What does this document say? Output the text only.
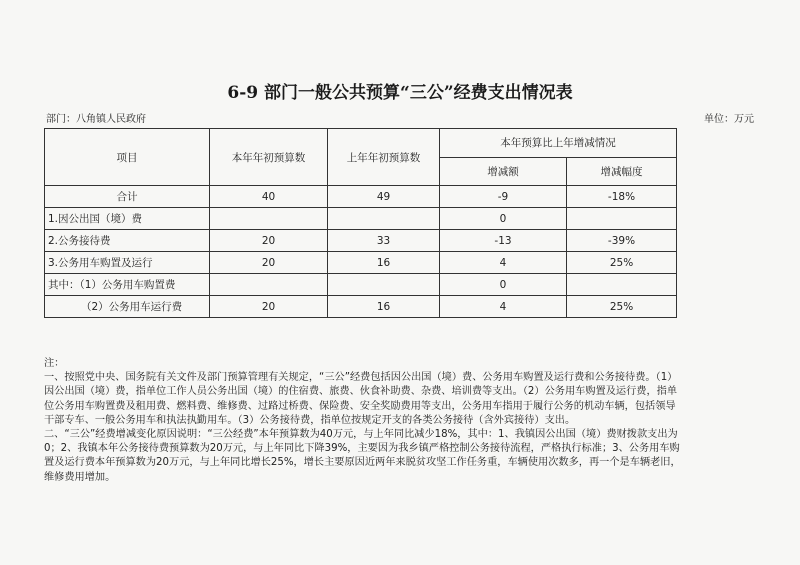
6-9 部门一般公共预算“三公”经费支出情况表
部门：八角镇人民政府	单位：万元
项目	本年年初预算数	上年年初预算数	本年预算比上年增减情况	
			增减额	增减幅度
合计	40	49	-9	-18%
1.因公出国（境）费			0	
2.公务接待费	20	33	-13	-39%
3.公务用车购置及运行	20	16	4	25%
其中：（1）公务用车购置费			0	
（2）公务用车运行费	20	16	4	25%

注：

一、按照党中央、国务院有关文件及部门预算管理有关规定，“三公”经费包括因公出国（境）费、公务用车购置及运行费和公务接待费。（1）因公出国（境）费，指单位工作人员公务出国（境）的住宿费、旅费、伙食补助费、杂费、培训费等支出。（2）公务用车购置及运行费，指单位公务用车购置费及租用费、燃料费、维修费、过路过桥费、保险费、安全奖励费用等支出，公务用车指用于履行公务的机动车辆，包括领导干部专车、一般公务用车和执法执勤用车。（3）公务接待费，指单位按规定开支的各类公务接待（含外宾接待）支出。

二、“三公”经费增减变化原因说明：“三公经费”本年预算数为40万元，与上年同比减少18%，其中：1、我镇因公出国（境）费财拨款支出为0；2、我镇本年公务接待费预算数为20万元，与上年同比下降39%，主要因为我乡镇严格控制公务接待流程，严格执行标准；3、公务用车购置及运行费本年预算数为20万元，与上年同比增长25%，增长主要原因近两年来脱贫攻坚工作任务重，车辆使用次数多，再一个是车辆老旧，维修费用增加。
